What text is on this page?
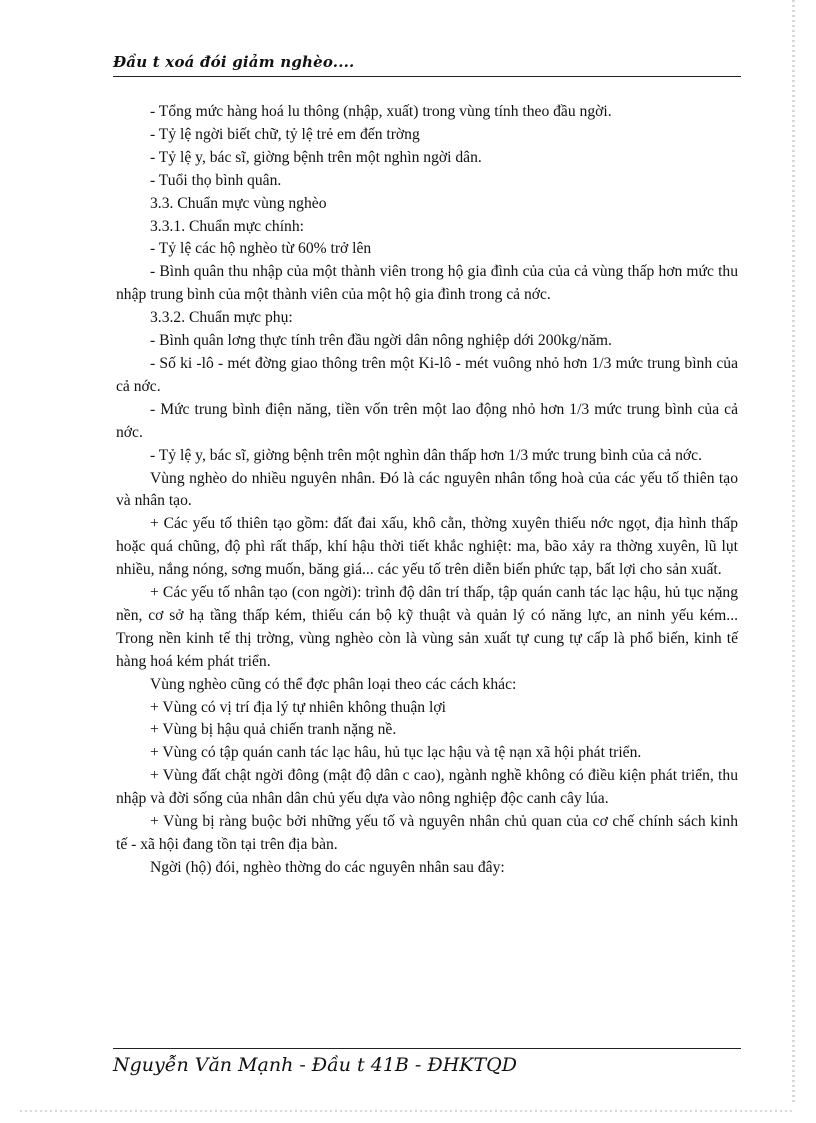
Đầu t xoá đói giảm nghèo....

- Tổng mức hàng hoá lu thông (nhập, xuất) trong vùng tính theo đầu ngời.

- Tỷ lệ ngời biết chữ, tỷ lệ trẻ em đến trờng

- Tỷ lệ y, bác sĩ, giờng bệnh trên một nghìn ngời dân.

- Tuổi thọ bình quân.

3.3. Chuẩn mực vùng nghèo

3.3.1. Chuẩn mực chính:

- Tỷ lệ các hộ nghèo từ 60% trở lên

- Bình quân thu nhập của một thành viên trong hộ gia đình của của cả vùng thấp hơn mức thu nhập trung bình của một thành viên của một hộ gia đình trong cả nớc.

3.3.2. Chuẩn mực phụ:

- Bình quân lơng thực tính trên đầu ngời dân nông nghiệp dới 200kg/năm.

- Số ki -lô - mét đờng giao thông trên một Ki-lô - mét vuông nhỏ hơn 1/3 mức trung bình của cả nớc.

- Mức trung bình điện năng, tiền vốn trên một lao động nhỏ hơn 1/3 mức trung bình của cả nớc.

- Tỷ lệ y, bác sĩ, giờng bệnh trên một nghìn dân thấp hơn 1/3 mức trung bình của cả nớc.

Vùng nghèo do nhiều nguyên nhân. Đó là các nguyên nhân tổng hoà của các yếu tố thiên tạo và nhân tạo.

+ Các yếu tố thiên tạo gồm: đất đai xấu, khô cằn, thờng xuyên thiếu nớc ngọt, địa hình thấp hoặc quá chũng, độ phì rất thấp, khí hậu thời tiết khắc nghiệt: ma, bão xảy ra thờng xuyên, lũ lụt nhiều, nắng nóng, sơng muốn, băng giá... các yếu tố trên diễn biến phức tạp, bất lợi cho sản xuất.

+ Các yếu tố nhân tạo (con ngời): trình độ dân trí thấp, tập quán canh tác lạc hậu, hủ tục nặng nền, cơ sở hạ tầng thấp kém, thiếu cán bộ kỹ thuật và quản lý có năng lực, an ninh yếu kém... Trong nền kinh tế thị trờng, vùng nghèo còn là vùng sản xuất tự cung tự cấp là phổ biến, kinh tế hàng hoá kém phát triển.

Vùng nghèo cũng có thể đợc phân loại theo các cách khác:

+ Vùng có vị trí địa lý tự nhiên không thuận lợi

+ Vùng bị hậu quả chiến tranh nặng nề.

+ Vùng có tập quán canh tác lạc hâu, hủ tục lạc hậu và tệ nạn xã hội phát triển.

+ Vùng đất chật ngời đông (mật độ dân c cao), ngành nghề không có điều kiện phát triển, thu nhập và đời sống của nhân dân chủ yếu dựa vào nông nghiệp độc canh cây lúa.

+ Vùng bị ràng buộc bởi những yếu tố và nguyên nhân chủ quan của cơ chế chính sách kinh tế - xã hội đang tồn tại trên địa bàn.

Ngời (hộ) đói, nghèo thờng do các nguyên nhân sau đây:

Nguyễn Văn Mạnh - Đầu t 41B - ĐHKTQD
